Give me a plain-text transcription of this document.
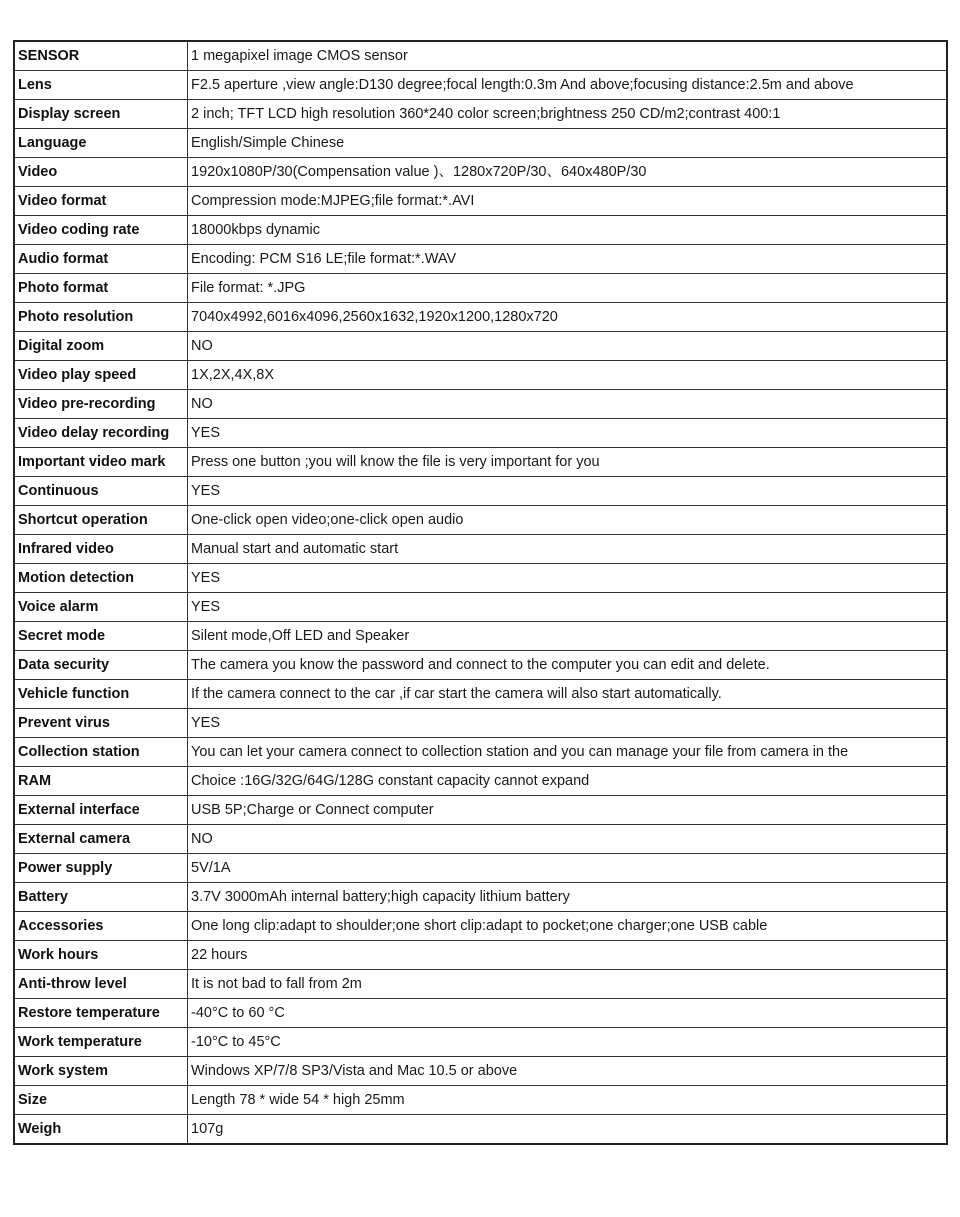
SENSOR	1 megapixel image CMOS sensor
Lens	F2.5 aperture ,view angle:D130 degree;focal length:0.3m And above;focusing distance:2.5m and above
Display screen	2 inch; TFT LCD high resolution 360*240 color screen;brightness 250 CD/m2;contrast 400:1
Language	English/Simple Chinese
Video	1920x1080P/30(Compensation value )、1280x720P/30、640x480P/30
Video format	Compression mode:MJPEG;file format:*.AVI
Video coding rate	18000kbps dynamic
Audio format	Encoding: PCM S16 LE;file format:*.WAV
Photo format	File format: *.JPG
Photo resolution	7040x4992,6016x4096,2560x1632,1920x1200,1280x720
Digital zoom	NO
Video play speed	1X,2X,4X,8X
Video pre-recording	NO
Video delay recording	YES
Important video mark	Press one button ;you will know the file is very important for you
Continuous	YES
Shortcut operation	One-click open video;one-click open audio
Infrared video	Manual start and automatic start
Motion detection	YES
Voice alarm	YES
Secret mode	Silent mode,Off LED and Speaker
Data security	The camera you know the password and connect to the computer you can edit and delete.
Vehicle function	If the camera connect to the car ,if car start the camera will also start automatically.
Prevent virus	YES
Collection station	You can let your camera connect to collection station and you can manage your file from camera in the
RAM	Choice :16G/32G/64G/128G constant capacity cannot expand
External interface	USB 5P;Charge or Connect computer
External camera	NO
Power supply	5V/1A
Battery	3.7V 3000mAh internal battery;high capacity lithium battery
Accessories	One long clip:adapt to shoulder;one short clip:adapt to pocket;one charger;one USB cable
Work hours	22 hours
Anti-throw level	It is not bad to fall from 2m
Restore temperature	-40°C to 60 °C
Work temperature	-10°C to 45°C
Work system	Windows XP/7/8 SP3/Vista and Mac 10.5 or above
Size	Length 78 * wide 54 * high 25mm
Weigh	107g
